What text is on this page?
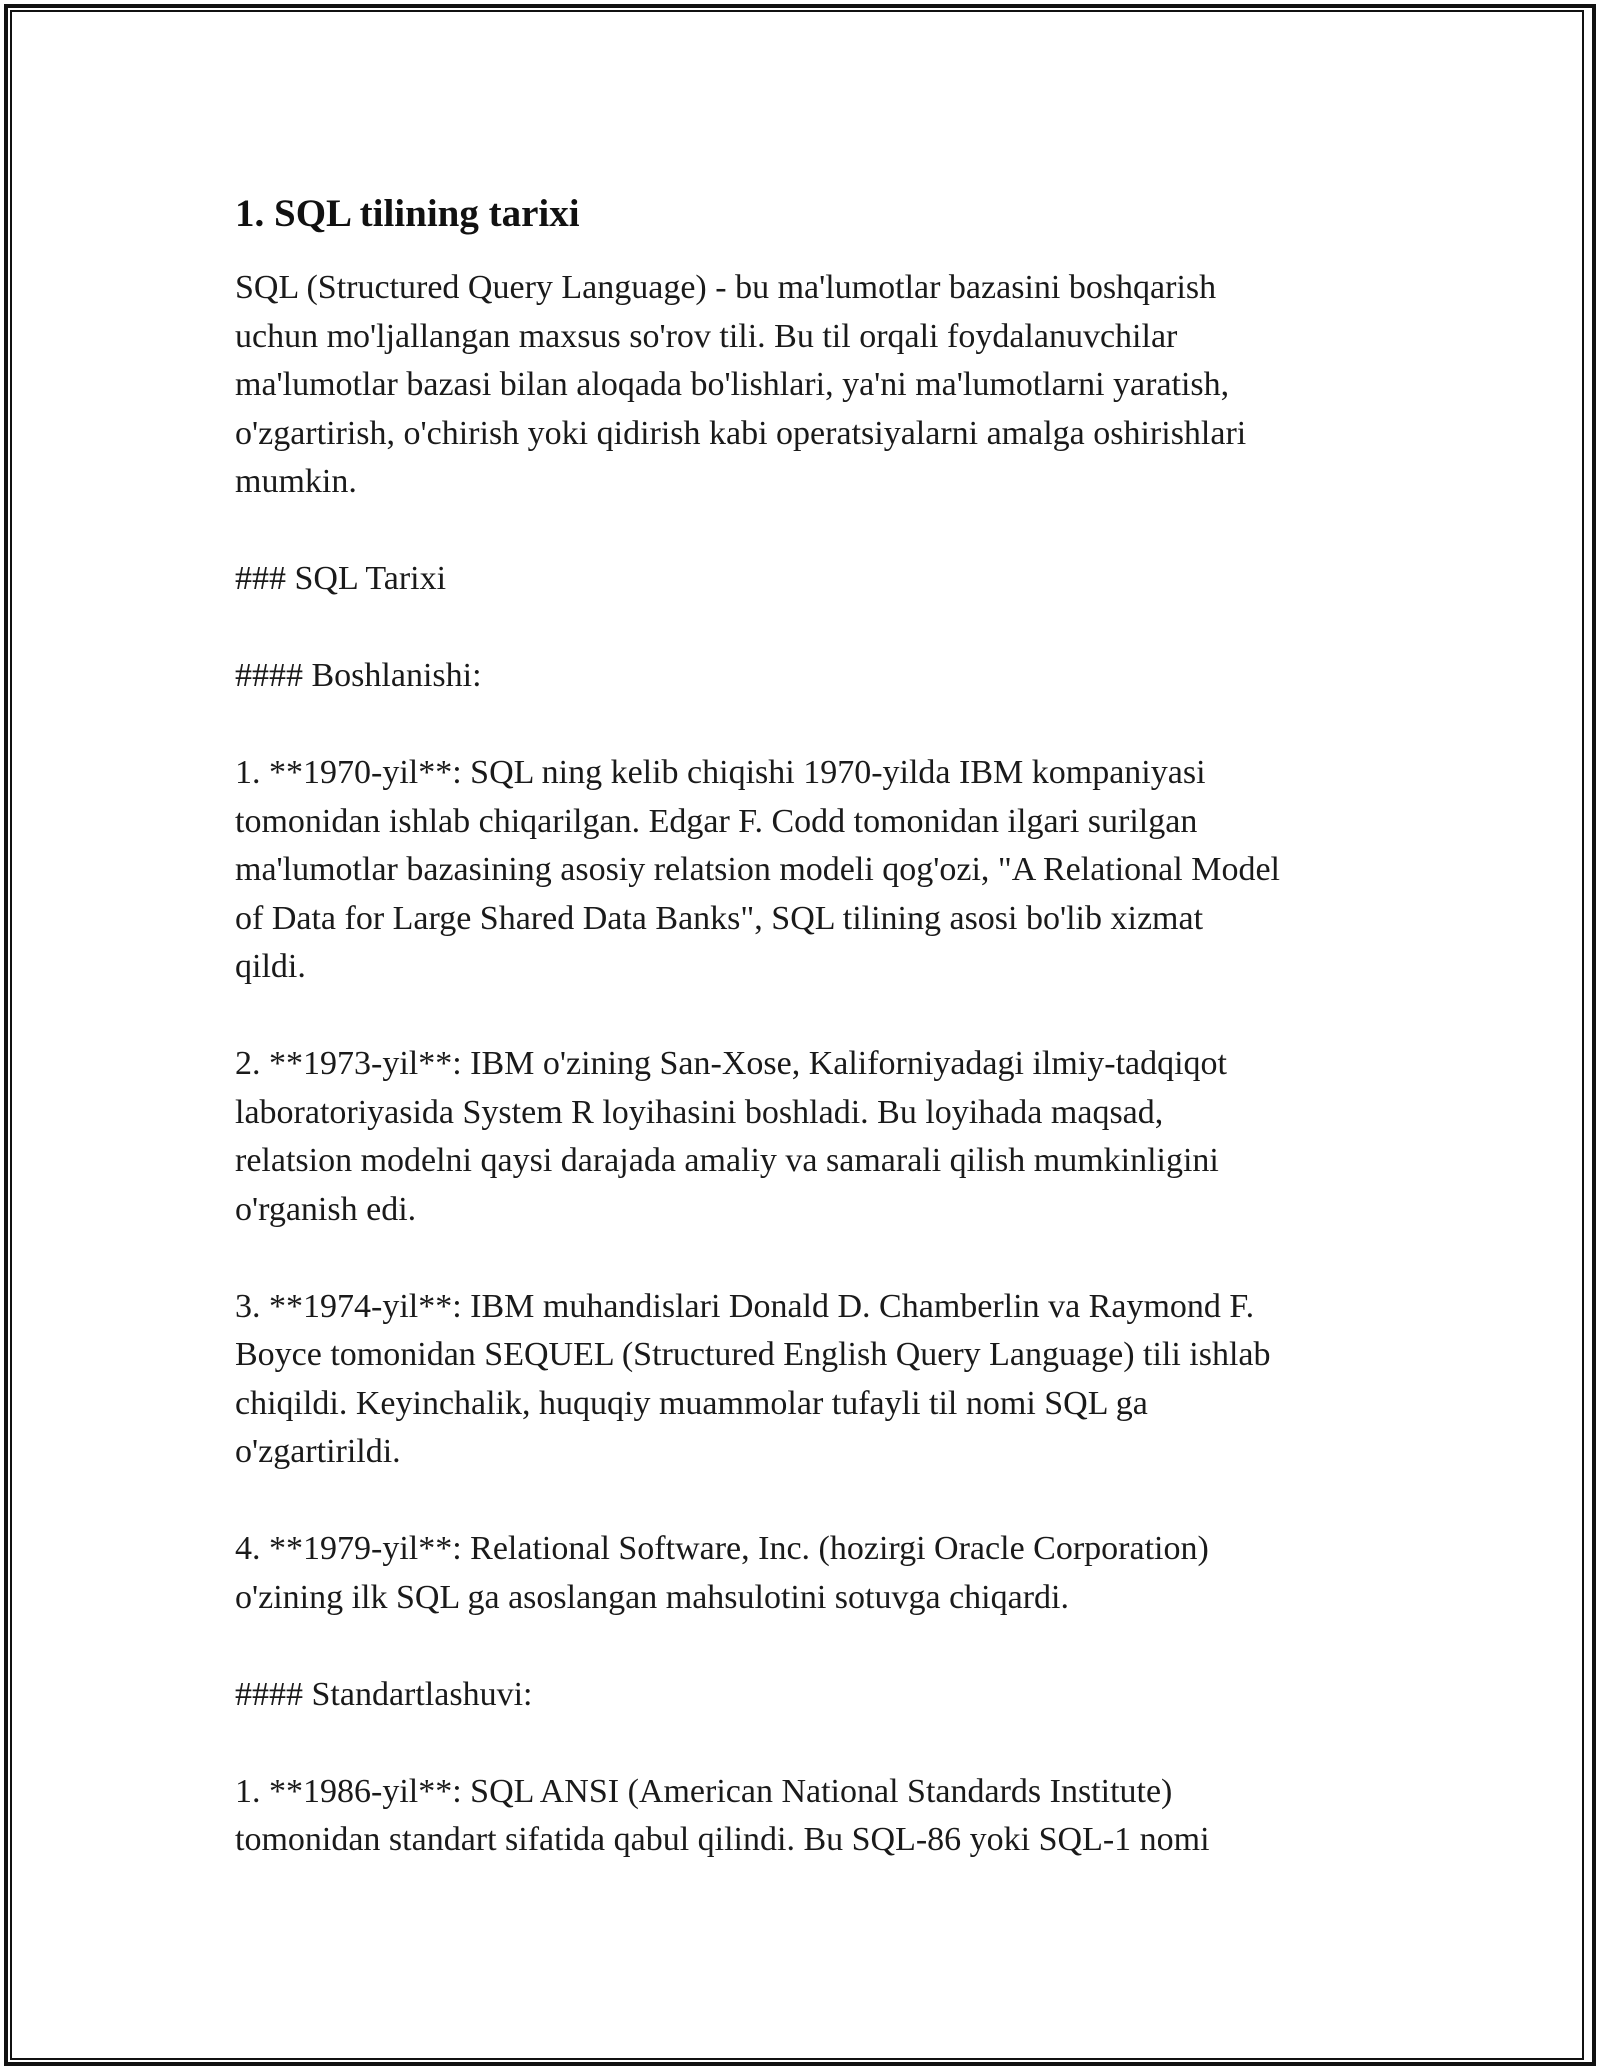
1. SQL tilining tarixi
SQL (Structured Query Language) - bu ma'lumotlar bazasini boshqarish
uchun mo'ljallangan maxsus so'rov tili. Bu til orqali foydalanuvchilar
ma'lumotlar bazasi bilan aloqada bo'lishlari, ya'ni ma'lumotlarni yaratish,
o'zgartirish, o'chirish yoki qidirish kabi operatsiyalarni amalga oshirishlari
mumkin.
### SQL Tarixi
#### Boshlanishi:
1. **1970-yil**: SQL ning kelib chiqishi 1970-yilda IBM kompaniyasi
tomonidan ishlab chiqarilgan. Edgar F. Codd tomonidan ilgari surilgan
ma'lumotlar bazasining asosiy relatsion modeli qog'ozi, "A Relational Model
of Data for Large Shared Data Banks", SQL tilining asosi bo'lib xizmat
qildi.
2. **1973-yil**: IBM o'zining San-Xose, Kaliforniyadagi ilmiy-tadqiqot
laboratoriyasida System R loyihasini boshladi. Bu loyihada maqsad,
relatsion modelni qaysi darajada amaliy va samarali qilish mumkinligini
o'rganish edi.
3. **1974-yil**: IBM muhandislari Donald D. Chamberlin va Raymond F.
Boyce tomonidan SEQUEL (Structured English Query Language) tili ishlab
chiqildi. Keyinchalik, huquqiy muammolar tufayli til nomi SQL ga
o'zgartirildi.
4. **1979-yil**: Relational Software, Inc. (hozirgi Oracle Corporation)
o'zining ilk SQL ga asoslangan mahsulotini sotuvga chiqardi.
#### Standartlashuvi:
1. **1986-yil**: SQL ANSI (American National Standards Institute)
tomonidan standart sifatida qabul qilindi. Bu SQL-86 yoki SQL-1 nomi
